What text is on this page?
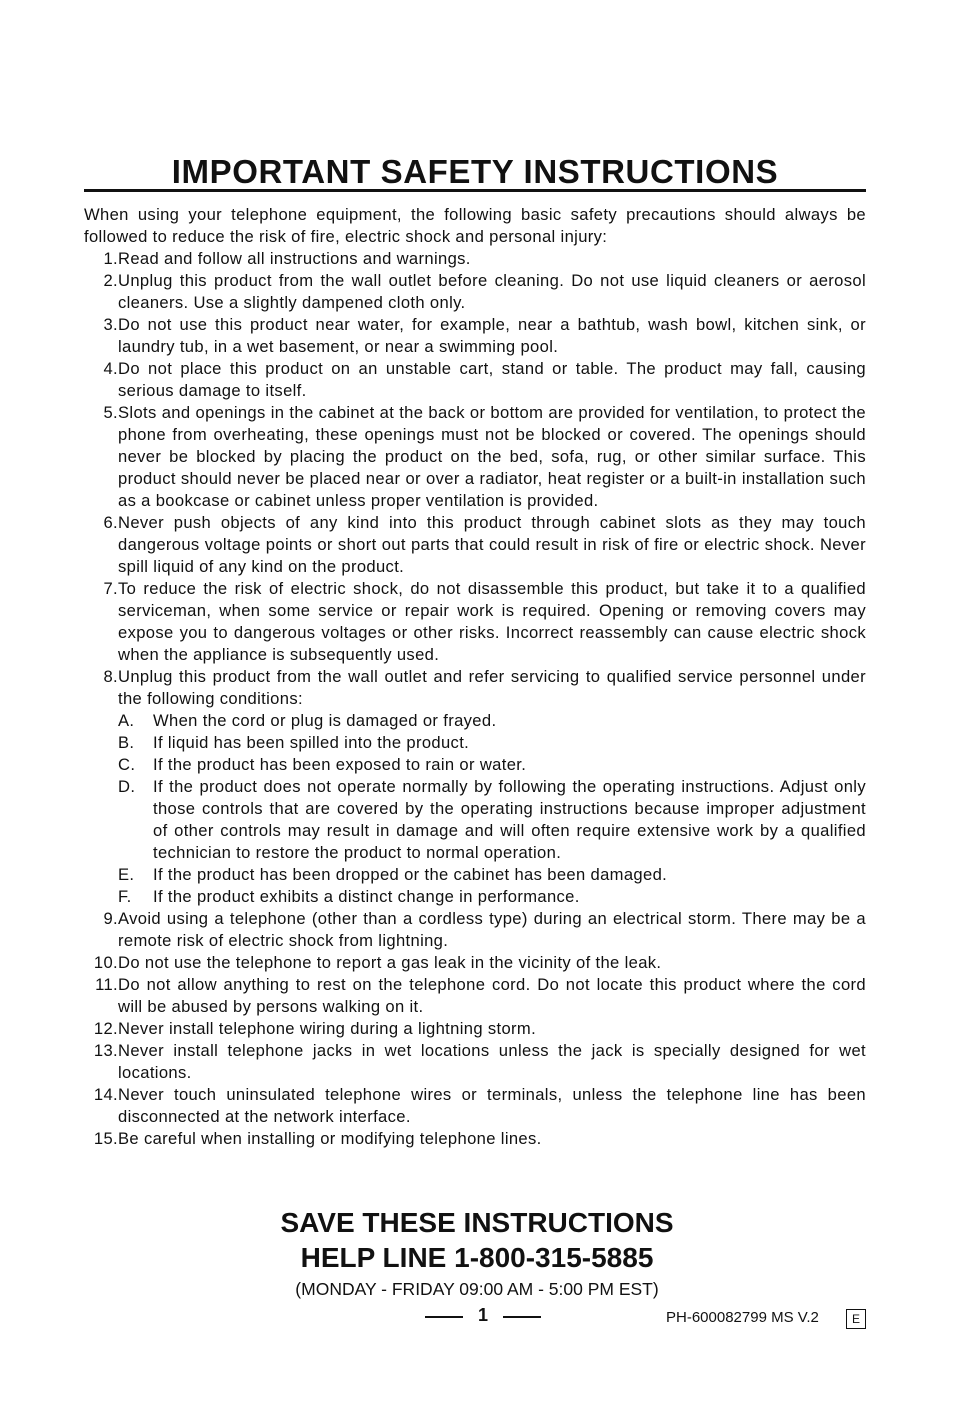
IMPORTANT SAFETY INSTRUCTIONS

When using your telephone equipment, the following basic safety precautions should always be followed to reduce the risk of fire, electric shock and personal injury:

1. Read and follow all instructions and warnings.
2. Unplug this product from the wall outlet before cleaning. Do not use liquid cleaners or aerosol cleaners. Use a slightly dampened cloth only.
3. Do not use this product near water, for example, near a bathtub, wash bowl, kitchen sink, or laundry tub, in a wet basement, or near a swimming pool.
4. Do not place this product on an unstable cart, stand or table. The product may fall, causing serious damage to itself.
5. Slots and openings in the cabinet at the back or bottom are provided for ventilation, to protect the phone from overheating, these openings must not be blocked or covered. The openings should never be blocked by placing the product on the bed, sofa, rug, or other similar surface. This product should never be placed near or over a radiator, heat register or a built-in installation such as a bookcase or cabinet unless proper ventilation is provided.
6. Never push objects of any kind into this product through cabinet slots as they may touch dangerous voltage points or short out parts that could result in risk of fire or electric shock. Never spill liquid of any kind on the product.
7. To reduce the risk of electric shock, do not disassemble this product, but take it to a qualified serviceman, when some service or repair work is required. Opening or removing covers may expose you to dangerous voltages or other risks. Incorrect reassembly can cause electric shock when the appliance is subsequently used.
8. Unplug this product from the wall outlet and refer servicing to qualified service personnel under the following conditions:
A.	When the cord or plug is damaged or frayed.
B.	If liquid has been spilled into the product.
C.	If the product has been exposed to rain or water.
D.	If the product does not operate normally by following the operating instructions. Adjust only those controls that are covered by the operating instructions because improper adjustment of other controls may result in damage and will often require extensive work by a qualified technician to restore the product to normal operation.
E.	If the product has been dropped or the cabinet has been damaged.
F.	If the product exhibits a distinct change in performance.
9. Avoid using a telephone (other than a cordless type) during an electrical storm. There may be a remote risk of electric shock from lightning.
10. Do not use the telephone to report a gas leak in the vicinity of the leak.
11. Do not allow anything to rest on the telephone cord. Do not locate this product where the cord will be abused by persons walking on it.
12. Never install telephone wiring during a lightning storm.
13. Never install telephone jacks in wet locations unless the jack is specially designed for wet locations.
14. Never touch uninsulated telephone wires or terminals, unless the telephone line has been disconnected at the network interface.
15. Be careful when installing or modifying telephone lines.
SAVE THESE INSTRUCTIONS
HELP LINE 1-800-315-5885
(MONDAY - FRIDAY 09:00 AM - 5:00 PM EST)
1	PH-600082799 MS V.2	E
